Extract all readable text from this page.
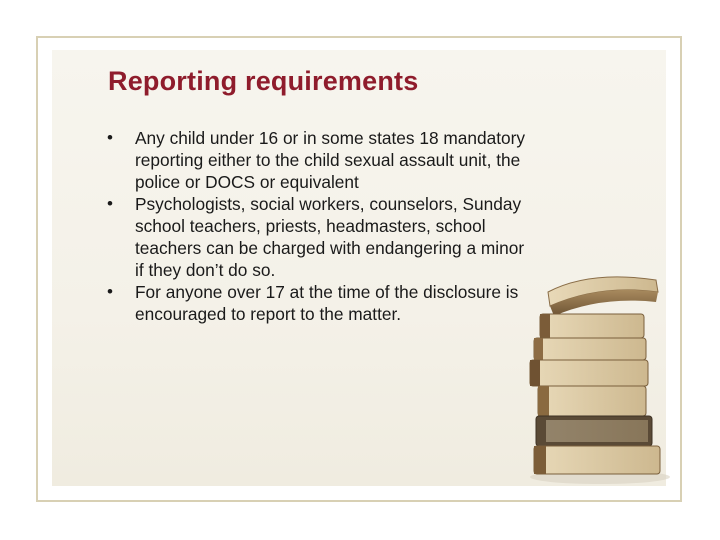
Reporting requirements
• Any child under 16 or in some states 18 mandatory reporting either to the child sexual assault unit, the police or DOCS or equivalent
• Psychologists, social workers, counselors, Sunday school teachers, priests, headmasters, school teachers can be charged with endangering a minor if they don’t do so.
• For anyone over 17 at the time of the disclosure is encouraged to report to the matter.
